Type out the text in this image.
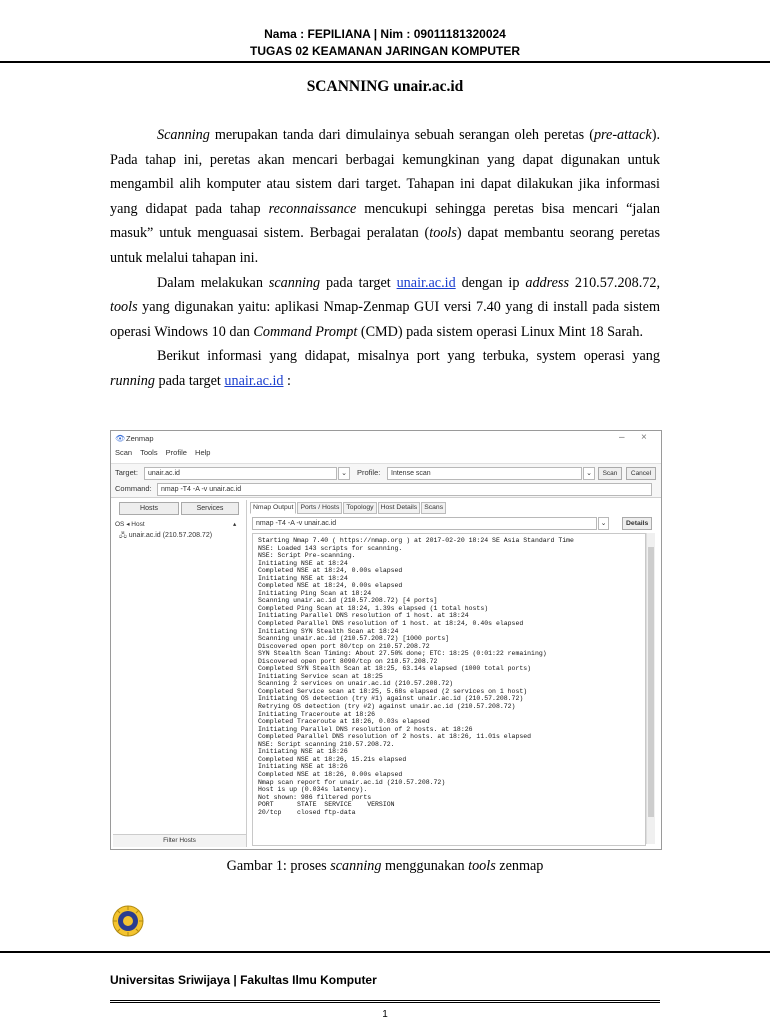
Nama : FEPILIANA | Nim : 09011181320024
TUGAS 02 KEAMANAN JARINGAN KOMPUTER
SCANNING unair.ac.id

Scanning merupakan tanda dari dimulainya sebuah serangan oleh peretas (pre-attack). Pada tahap ini, peretas akan mencari berbagai kemungkinan yang dapat digunakan untuk mengambil alih komputer atau sistem dari target. Tahapan ini dapat dilakukan jika informasi yang didapat pada tahap reconnaissance mencukupi sehingga peretas bisa mencari “jalan masuk” untuk menguasai sistem. Berbagai peralatan (tools) dapat membantu seorang peretas untuk melalui tahapan ini.

Dalam melakukan scanning pada target unair.ac.id dengan ip address 210.57.208.72, tools yang digunakan yaitu: aplikasi Nmap-Zenmap GUI versi 7.40 yang di install pada sistem operasi Windows 10 dan Command Prompt (CMD) pada sistem operasi Linux Mint 18 Sarah.

Berikut informasi yang didapat, misalnya port yang terbuka, system operasi yang running pada target unair.ac.id :

👁 Zenmap	– ×
Scan Tools Profile Help
Target:	unair.ac.id	⌄	Profile:	Intense scan	⌄	Scan	Cancel
Command:	nmap -T4 -A -v unair.ac.id
Hosts	Services
OS ◂ Host	▴
🖧 unair.ac.id (210.57.208.72)
Filter Hosts
Nmap Output Ports / Hosts Topology Host Details Scans
nmap -T4 -A -v unair.ac.id	⌄	Details
Starting Nmap 7.40 ( https://nmap.org ) at 2017-02-20 18:24 SE Asia Standard Time
NSE: Loaded 143 scripts for scanning.
NSE: Script Pre-scanning.
Initiating NSE at 18:24
Completed NSE at 18:24, 0.00s elapsed
Initiating NSE at 18:24
Completed NSE at 18:24, 0.00s elapsed
Initiating Ping Scan at 18:24
Scanning unair.ac.id (210.57.208.72) [4 ports]
Completed Ping Scan at 18:24, 1.39s elapsed (1 total hosts)
Initiating Parallel DNS resolution of 1 host. at 18:24
Completed Parallel DNS resolution of 1 host. at 18:24, 0.40s elapsed
Initiating SYN Stealth Scan at 18:24
Scanning unair.ac.id (210.57.208.72) [1000 ports]
Discovered open port 80/tcp on 210.57.208.72
SYN Stealth Scan Timing: About 27.50% done; ETC: 18:25 (0:01:22 remaining)
Discovered open port 8090/tcp on 210.57.208.72
Completed SYN Stealth Scan at 18:25, 63.14s elapsed (1000 total ports)
Initiating Service scan at 18:25
Scanning 2 services on unair.ac.id (210.57.208.72)
Completed Service scan at 18:25, 5.68s elapsed (2 services on 1 host)
Initiating OS detection (try #1) against unair.ac.id (210.57.208.72)
Retrying OS detection (try #2) against unair.ac.id (210.57.208.72)
Initiating Traceroute at 18:26
Completed Traceroute at 18:26, 0.03s elapsed
Initiating Parallel DNS resolution of 2 hosts. at 18:26
Completed Parallel DNS resolution of 2 hosts. at 18:26, 11.01s elapsed
NSE: Script scanning 210.57.208.72.
Initiating NSE at 18:26
Completed NSE at 18:26, 15.21s elapsed
Initiating NSE at 18:26
Completed NSE at 18:26, 0.00s elapsed
Nmap scan report for unair.ac.id (210.57.208.72)
Host is up (0.034s latency).
Not shown: 986 filtered ports
PORT      STATE  SERVICE    VERSION
20/tcp    closed ftp-data
Gambar 1: proses scanning menggunakan tools zenmap
Universitas Sriwijaya | Fakultas Ilmu Komputer
1
